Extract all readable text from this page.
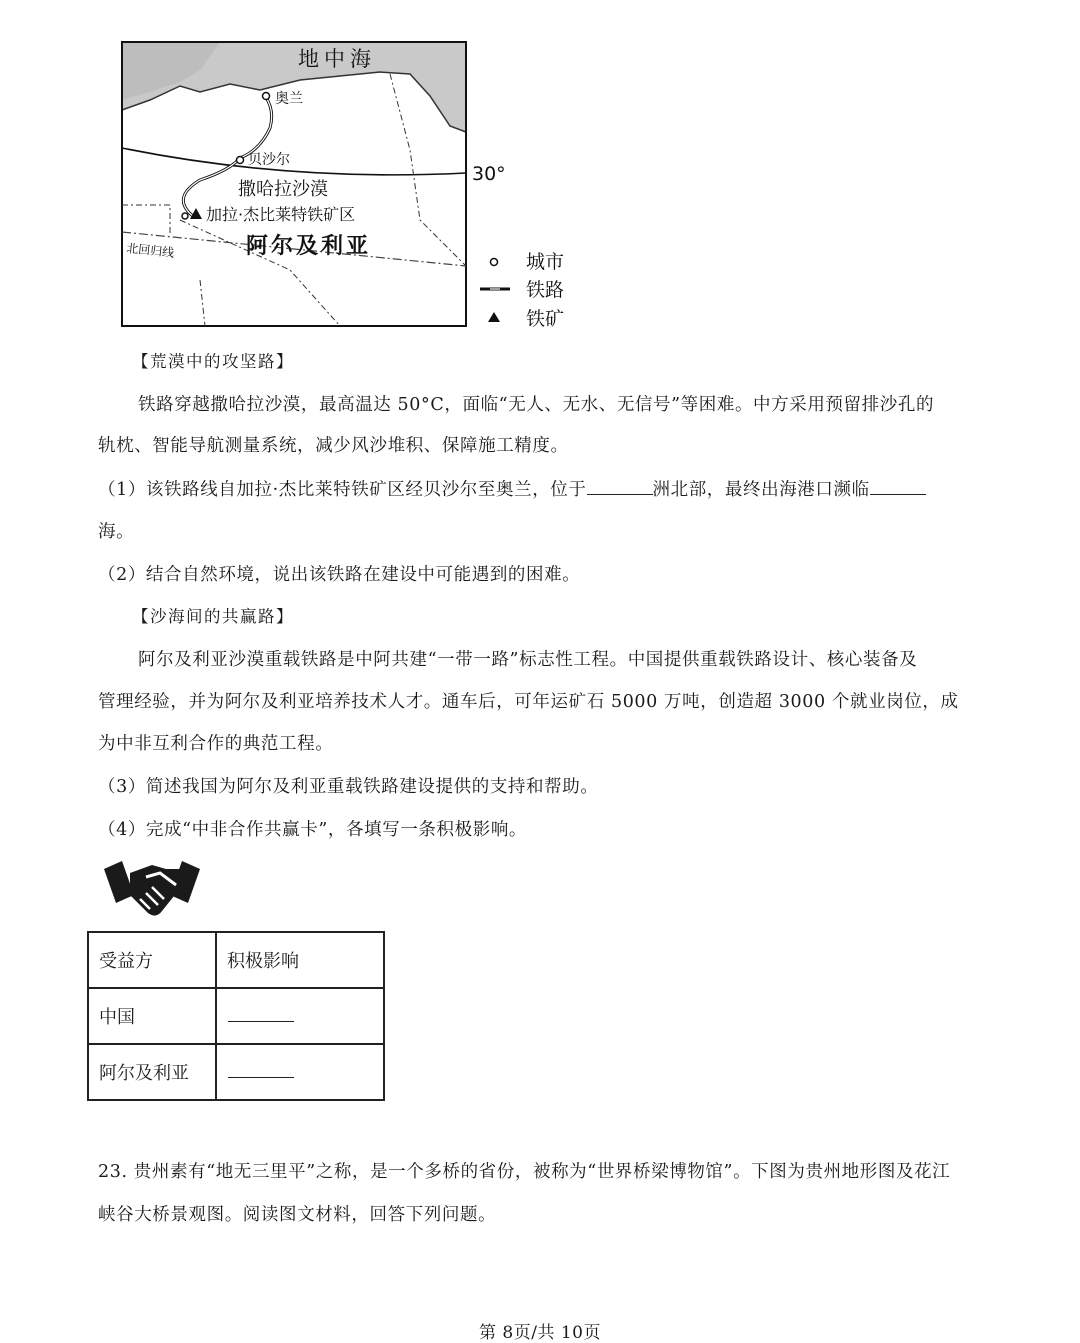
地中海
奥兰
贝沙尔
撒哈拉沙漠
加拉·杰比莱特铁矿区
阿尔及利亚
北回归线
30°
城市
铁路
铁矿
【荒漠中的攻坚路】
铁路穿越撒哈拉沙漠，最高温达 50°C，面临“无人、无水、无信号”等困难。中方采用预留排沙孔的
轨枕、智能导航测量系统，减少风沙堆积、保障施工精度。
（1）该铁路线自加拉·杰比莱特铁矿区经贝沙尔至奥兰，位于	洲北部，最终出海港口濒临
海。
（2）结合自然环境，说出该铁路在建设中可能遇到的困难。
【沙海间的共赢路】
阿尔及利亚沙漠重载铁路是中阿共建“一带一路”标志性工程。中国提供重载铁路设计、核心装备及
管理经验，并为阿尔及利亚培养技术人才。通车后，可年运矿石 5000 万吨，创造超 3000 个就业岗位，成
为中非互利合作的典范工程。
（3）简述我国为阿尔及利亚重载铁路建设提供的支持和帮助。
（4）完成“中非合作共赢卡”，各填写一条积极影响。
受益方	积极影响
中国	
阿尔及利亚	
23. 贵州素有“地无三里平”之称，是一个多桥的省份，被称为“世界桥梁博物馆”。下图为贵州地形图及花江
峡谷大桥景观图。阅读图文材料，回答下列问题。
第 8页/共 10页
